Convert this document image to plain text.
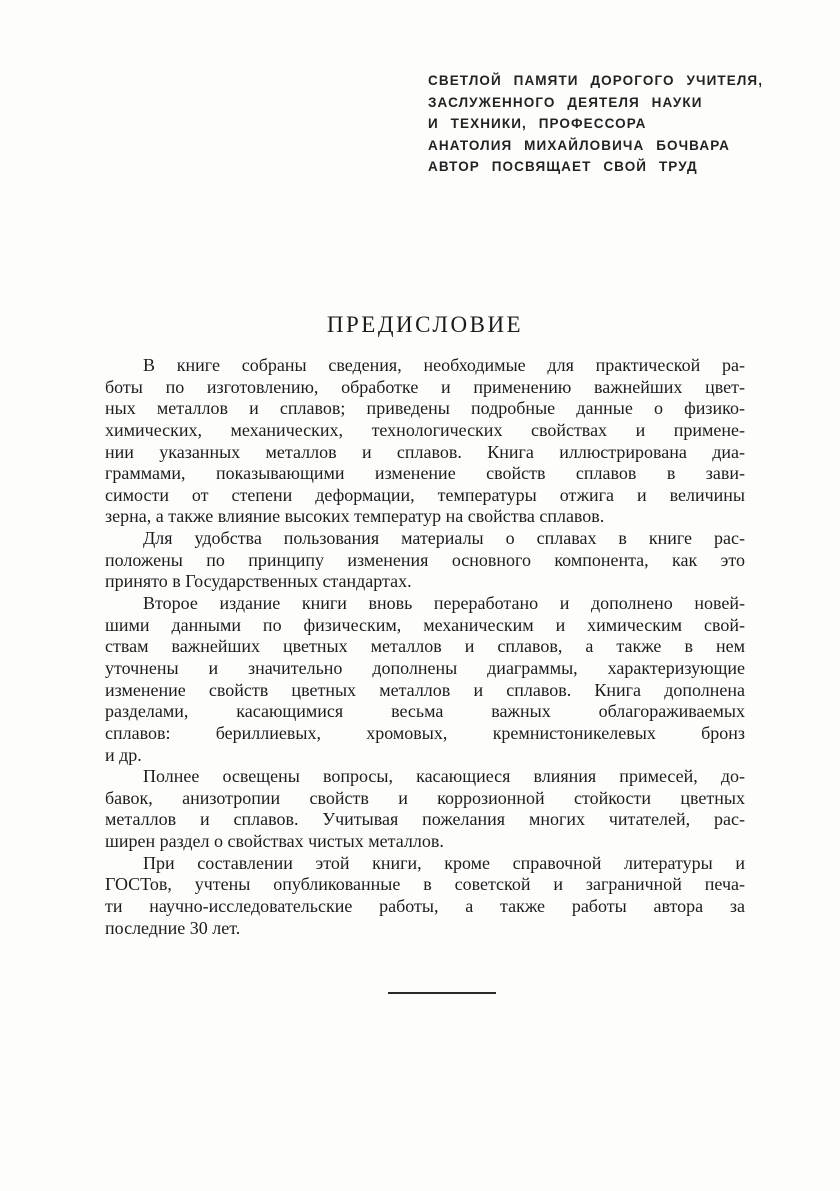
СВЕТЛОЙ ПАМЯТИ ДОРОГОГО УЧИТЕЛЯ,
ЗАСЛУЖЕННОГО ДЕЯТЕЛЯ НАУКИ
И ТЕХНИКИ, ПРОФЕССОРА
АНАТОЛИЯ МИХАЙЛОВИЧА БОЧВАРА
АВТОР ПОСВЯЩАЕТ СВОЙ ТРУД
ПРЕДИСЛОВИЕ

В книге собраны сведения, необходимые для практической ра-
боты по изготовлению, обработке и применению важнейших цвет-
ных металлов и сплавов; приведены подробные данные о физико-
химических, механических, технологических свойствах и примене-
нии указанных металлов и сплавов. Книга иллюстрирована диа-
граммами, показывающими изменение свойств сплавов в зави-
симости от степени деформации, температуры отжига и величины
зерна, а также влияние высоких температур на свойства сплавов.

Для удобства пользования материалы о сплавах в книге рас-
положены по принципу изменения основного компонента, как это
принято в Государственных стандартах.

Второе издание книги вновь переработано и дополнено новей-
шими данными по физическим, механическим и химическим свой-
ствам важнейших цветных металлов и сплавов, а также в нем
уточнены и значительно дополнены диаграммы, характеризующие
изменение свойств цветных металлов и сплавов. Книга дополнена
разделами, касающимися весьма важных облагораживаемых
сплавов: бериллиевых, хромовых, кремнистоникелевых бронз
и др.

Полнее освещены вопросы, касающиеся влияния примесей, до-
бавок, анизотропии свойств и коррозионной стойкости цветных
металлов и сплавов. Учитывая пожелания многих читателей, рас-
ширен раздел о свойствах чистых металлов.

При составлении этой книги, кроме справочной литературы и
ГОСТов, учтены опубликованные в советской и заграничной печа-
ти научно-исследовательские работы, а также работы автора за
последние 30 лет.
